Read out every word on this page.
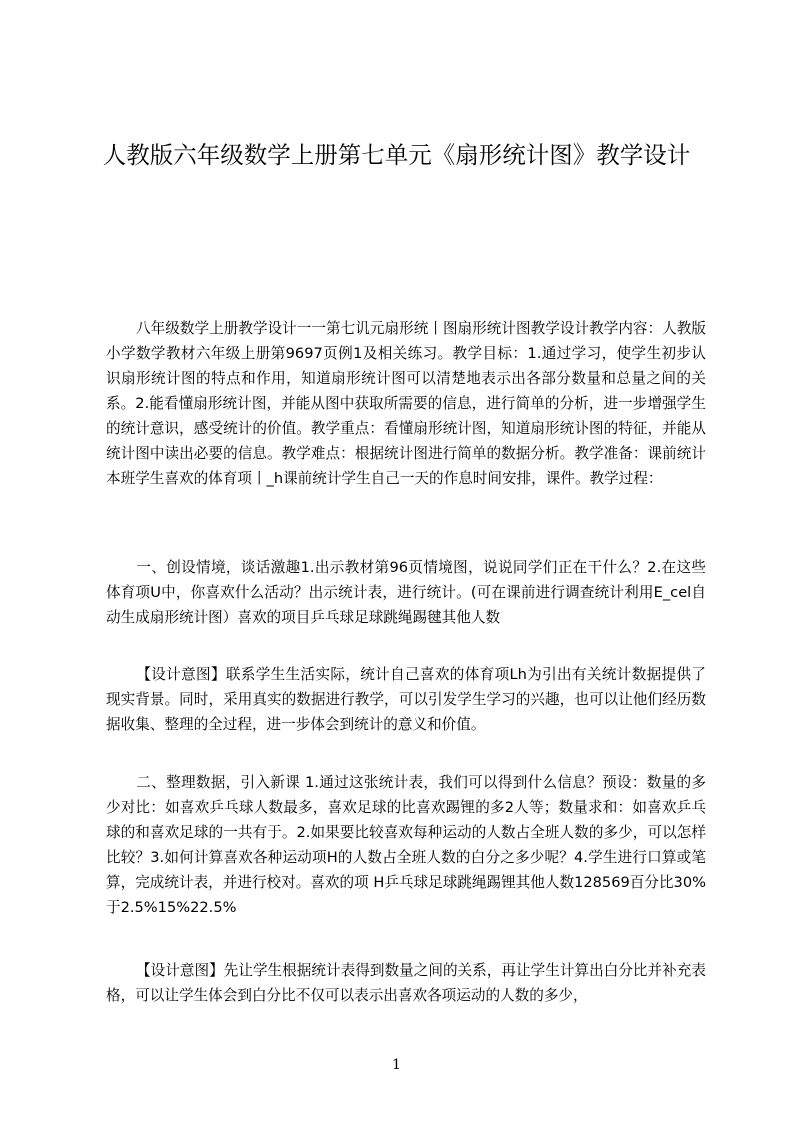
人教版六年级数学上册第七单元《扇形统计图》教学设计

八年级数学上册教学设计一一第七讥元扇形统丨图扇形统计图教学设计教学内容：人教版小学数学教材六年级上册第9697页例1及相关练习。教学目标：1.通过学习，使学生初步认识扇形统计图的特点和作用，知道扇形统计图可以清楚地表示出各部分数量和总量之间的关系。2.能看懂扇形统计图，并能从图中获取所需要的信息，进行简单的分析，进一步增强学生的统计意识，感受统计的价值。教学重点：看懂扇形统计图，知道扇形统讣图的特征，并能从统计图中读出必要的信息。教学难点：根据统计图进行简单的数据分析。教学准备：课前统计本班学生喜欢的体育项丨_h课前统计学生自己一天的作息时间安排，课件。教学过程：

一、创设情境，谈话激趣1.出示教材第96页情境图，说说同学们正在干什么？2.在这些体育项U中，你喜欢什么活动？出示统计表，进行统计。(可在课前进行调查统计利用E_cel自动生成扇形统计图）喜欢的项目乒乓球足球跳绳踢毽其他人数

【设计意图】联系学生生活实际，统计自己喜欢的体育项Lh为引出有关统计数据提供了现实背景。同时，采用真实的数据进行教学，可以引发学生学习的兴趣，也可以让他们经历数据收集、整理的全过程，进一步体会到统计的意义和价值。

二、整理数据，引入新课 1.通过这张统计表，我们可以得到什么信息？预设：数量的多少对比：如喜欢乒乓球人数最多，喜欢足球的比喜欢踢锂的多2人等；数量求和：如喜欢乒乓球的和喜欢足球的一共有于。2.如果要比较喜欢每种运动的人数占全班人数的多少，可以怎样比较？3.如何计算喜欢各种运动项H的人数占全班人数的白分之多少呢？4.学生进行口算或笔算，完成统计表，并进行校对。喜欢的项 H乒乓球足球跳绳踢锂其他人数128569百分比30%于2.5%15%22.5%

【设计意图】先让学生根据统计表得到数量之间的关系，再让学生计算出白分比并补充表格，可以让学生体会到白分比不仅可以表示出喜欢各项运动的人数的多少，

1
